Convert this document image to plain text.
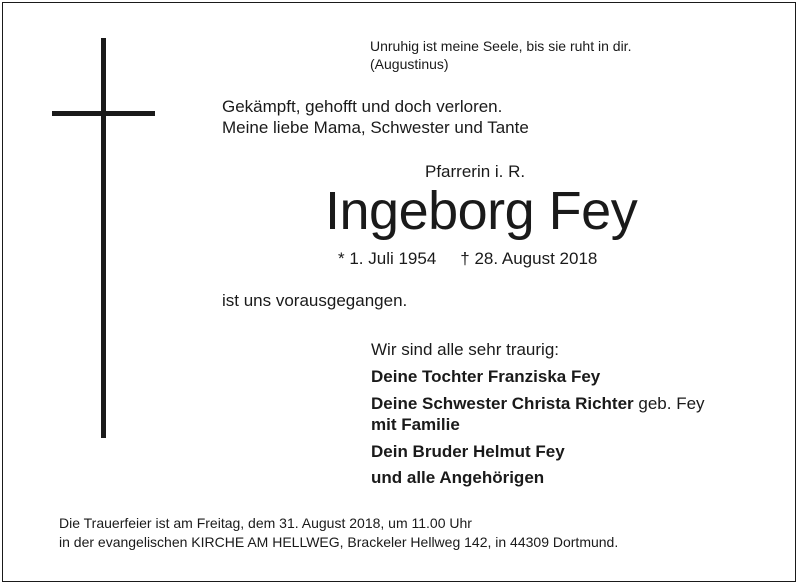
Unruhig ist meine Seele, bis sie ruht in dir.
(Augustinus)
Gekämpft, gehofft und doch verloren.
Meine liebe Mama, Schwester und Tante
Pfarrerin i. R.
Ingeborg Fey
* 1. Juli 1954 † 28. August 2018
ist uns vorausgegangen.
Wir sind alle sehr traurig:
Deine Tochter Franziska Fey
Deine Schwester Christa Richter geb. Fey
mit Familie
Dein Bruder Helmut Fey
und alle Angehörigen
Die Trauerfeier ist am Freitag, dem 31. August 2018, um 11.00 Uhr
in der evangelischen KIRCHE AM HELLWEG, Brackeler Hellweg 142, in 44309 Dortmund.
